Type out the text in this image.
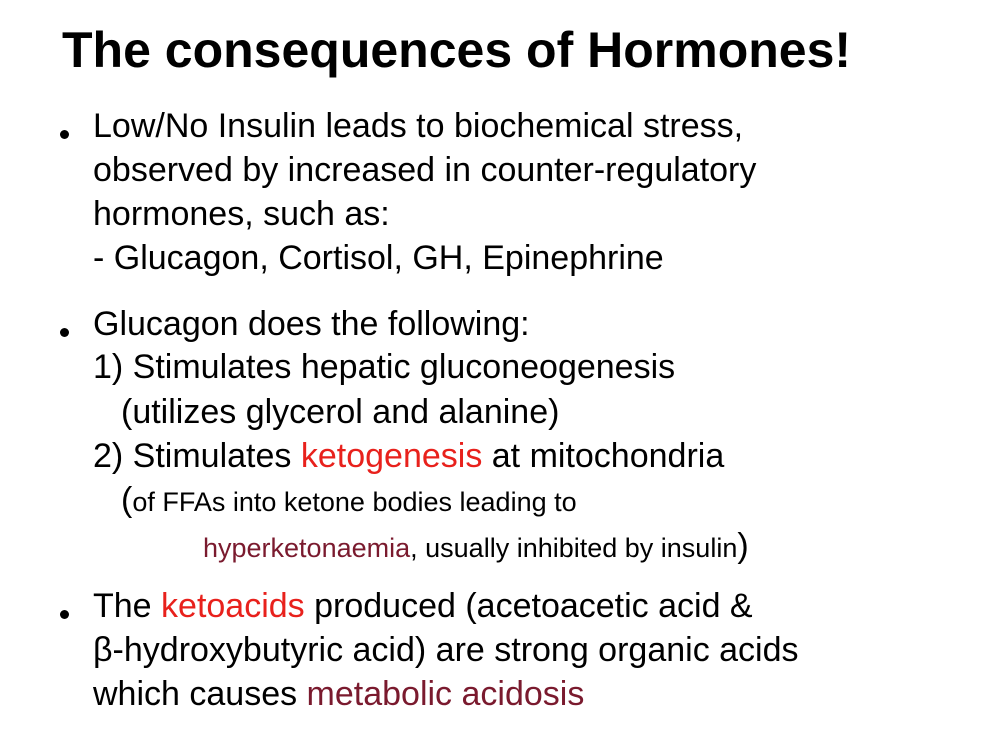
The consequences of Hormones!
Low/No Insulin leads to biochemical stress,
observed by increased in counter-regulatory
hormones, such as:
- Glucagon, Cortisol, GH, Epinephrine
Glucagon does the following:
1) Stimulates hepatic gluconeogenesis
(utilizes glycerol and alanine)
2) Stimulates ketogenesis at mitochondria
(of FFAs into ketone bodies leading to
hyperketonaemia, usually inhibited by insulin)
The ketoacids produced (acetoacetic acid &
β-hydroxybutyric acid) are strong organic acids
which causes metabolic acidosis
